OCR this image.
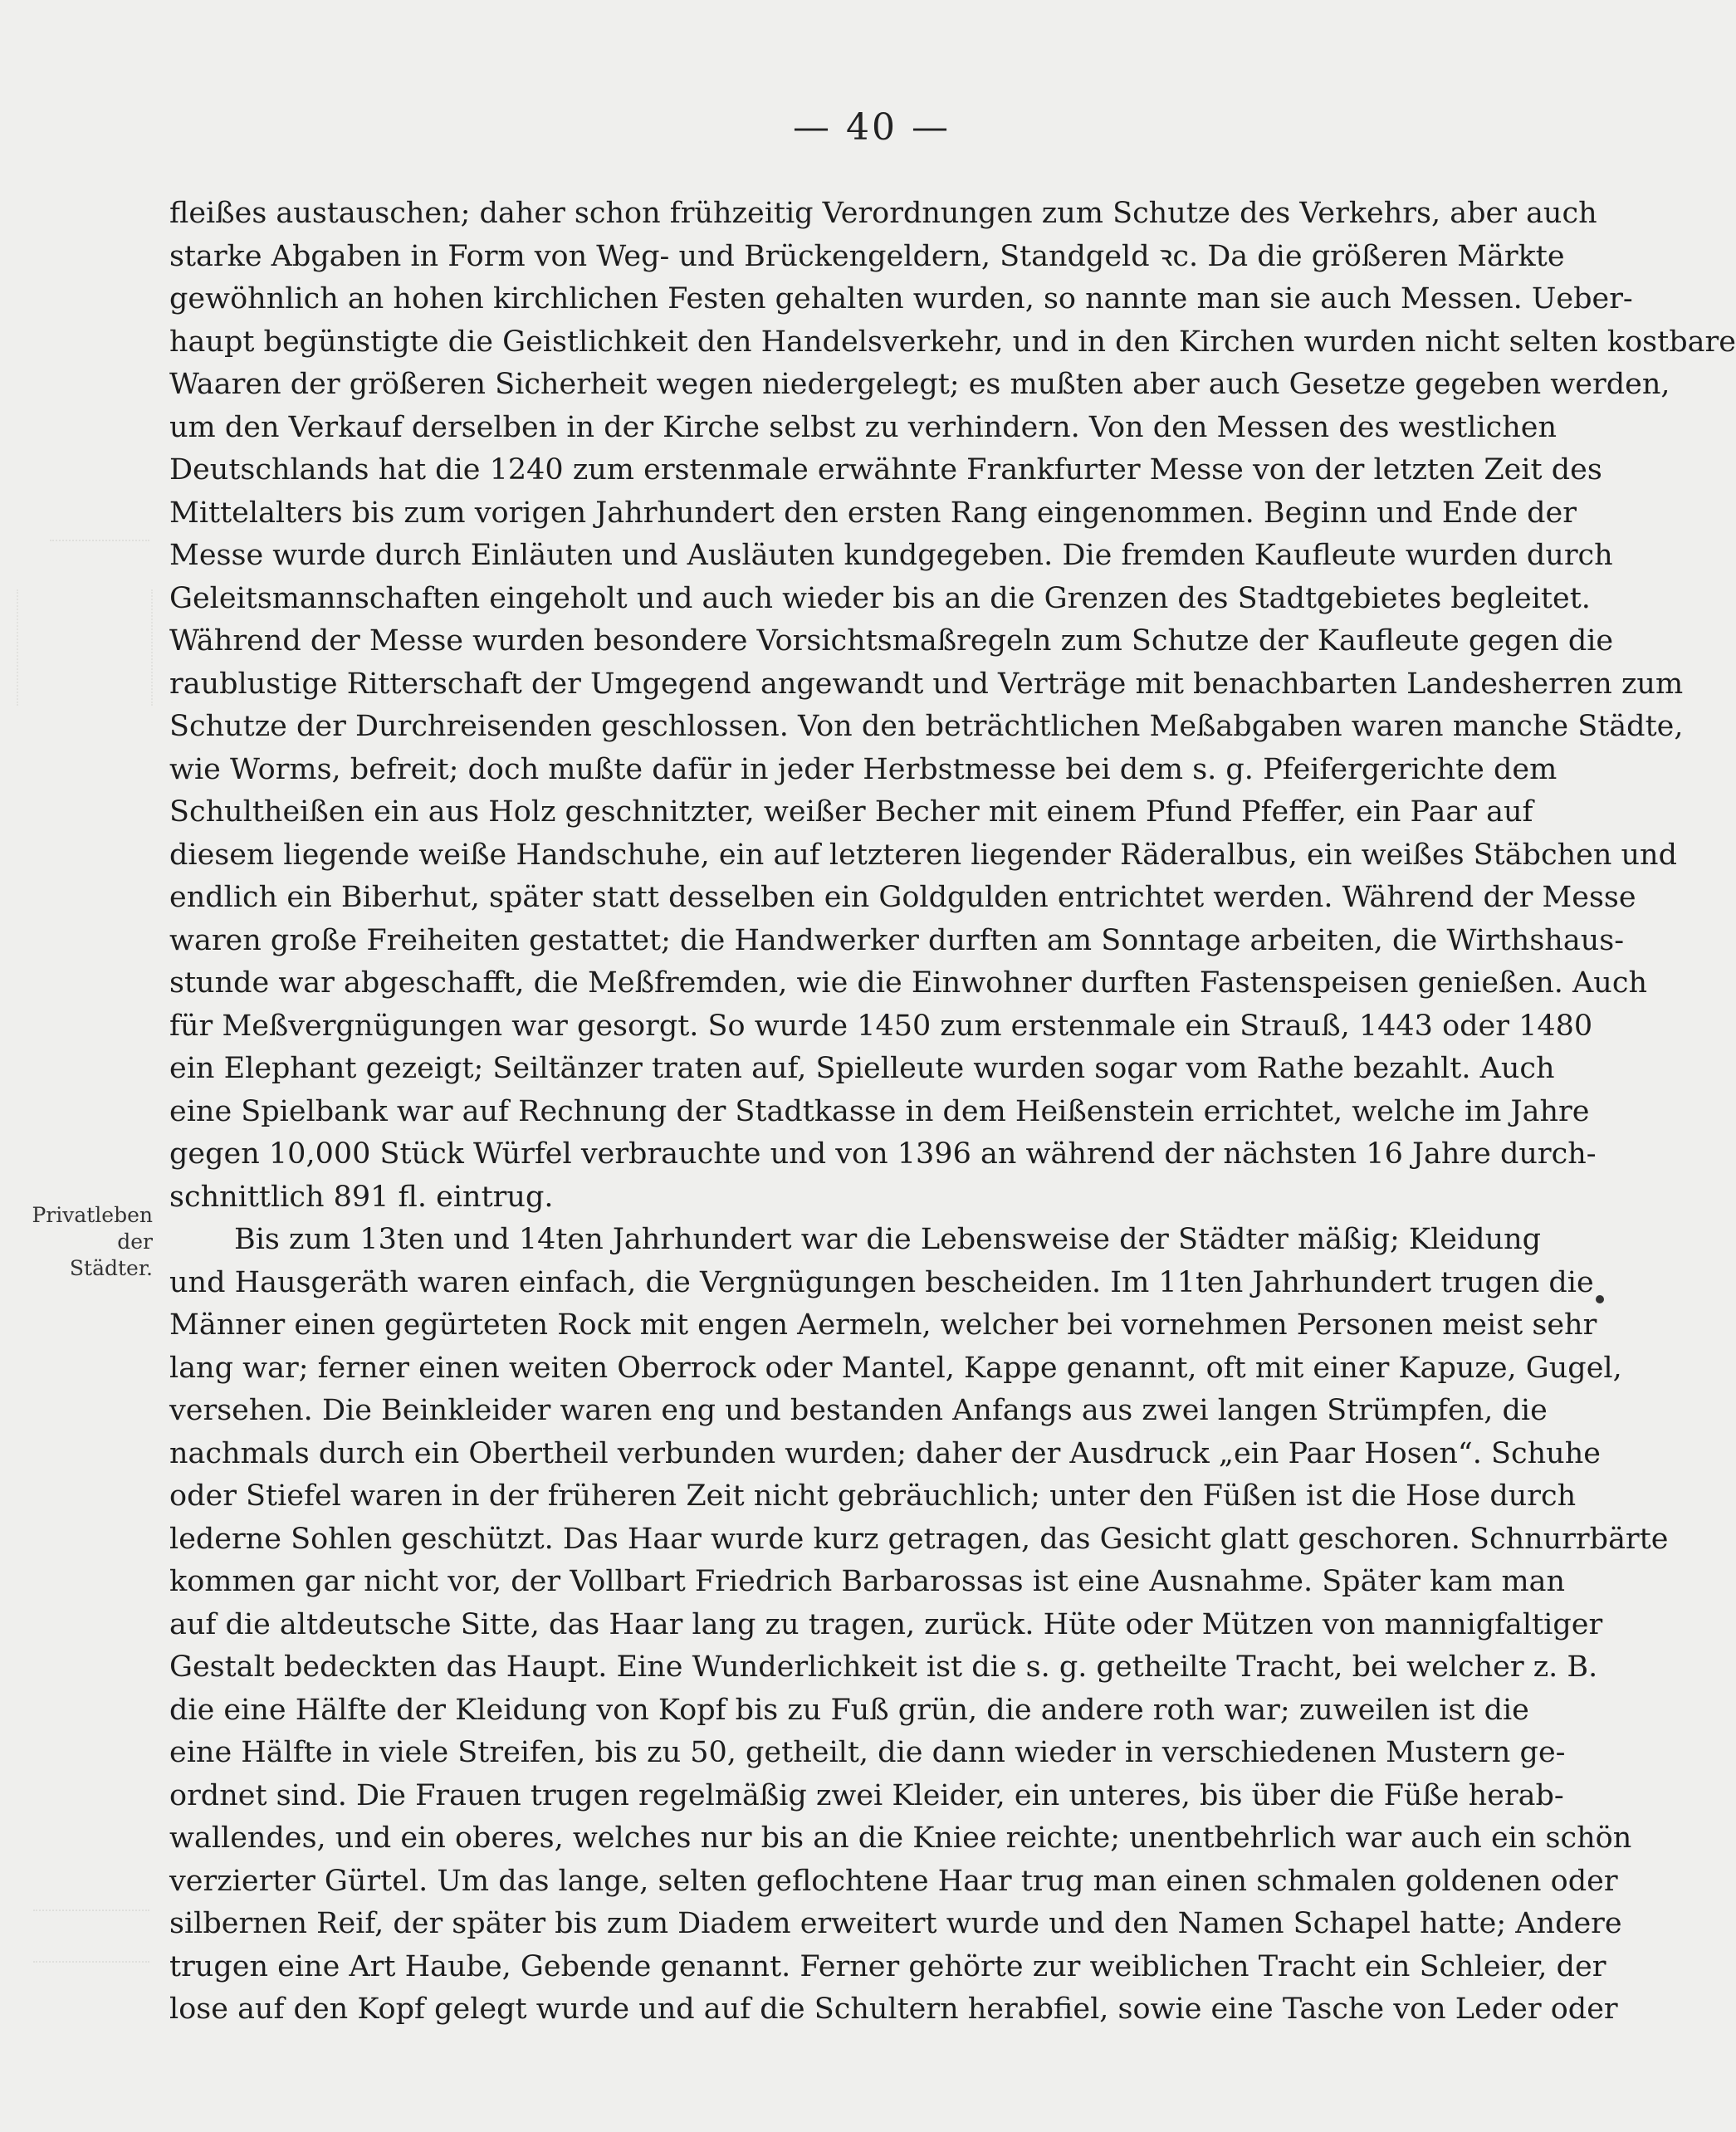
— 40 —
Privatleben
der Städter.
fleißes austauschen; daher schon frühzeitig Verordnungen zum Schutze des Verkehrs, aber auch
starke Abgaben in Form von Weg- und Brückengeldern, Standgeld ꝛc. Da die größeren Märkte
gewöhnlich an hohen kirchlichen Festen gehalten wurden, so nannte man sie auch Messen. Ueber-
haupt begünstigte die Geistlichkeit den Handelsverkehr, und in den Kirchen wurden nicht selten kostbare
Waaren der größeren Sicherheit wegen niedergelegt; es mußten aber auch Gesetze gegeben werden,
um den Verkauf derselben in der Kirche selbst zu verhindern. Von den Messen des westlichen
Deutschlands hat die 1240 zum erstenmale erwähnte Frankfurter Messe von der letzten Zeit des
Mittelalters bis zum vorigen Jahrhundert den ersten Rang eingenommen. Beginn und Ende der
Messe wurde durch Einläuten und Ausläuten kundgegeben. Die fremden Kaufleute wurden durch
Geleitsmannschaften eingeholt und auch wieder bis an die Grenzen des Stadtgebietes begleitet.
Während der Messe wurden besondere Vorsichtsmaßregeln zum Schutze der Kaufleute gegen die
raublustige Ritterschaft der Umgegend angewandt und Verträge mit benachbarten Landesherren zum
Schutze der Durchreisenden geschlossen. Von den beträchtlichen Meßabgaben waren manche Städte,
wie Worms, befreit; doch mußte dafür in jeder Herbstmesse bei dem s. g. Pfeifergerichte dem
Schultheißen ein aus Holz geschnitzter, weißer Becher mit einem Pfund Pfeffer, ein Paar auf
diesem liegende weiße Handschuhe, ein auf letzteren liegender Räderalbus, ein weißes Stäbchen und
endlich ein Biberhut, später statt desselben ein Goldgulden entrichtet werden. Während der Messe
waren große Freiheiten gestattet; die Handwerker durften am Sonntage arbeiten, die Wirthshaus-
stunde war abgeschafft, die Meßfremden, wie die Einwohner durften Fastenspeisen genießen. Auch
für Meßvergnügungen war gesorgt. So wurde 1450 zum erstenmale ein Strauß, 1443 oder 1480
ein Elephant gezeigt; Seiltänzer traten auf, Spielleute wurden sogar vom Rathe bezahlt. Auch
eine Spielbank war auf Rechnung der Stadtkasse in dem Heißenstein errichtet, welche im Jahre
gegen 10,000 Stück Würfel verbrauchte und von 1396 an während der nächsten 16 Jahre durch-
schnittlich 891 fl. eintrug.
Bis zum 13ten und 14ten Jahrhundert war die Lebensweise der Städter mäßig; Kleidung
und Hausgeräth waren einfach, die Vergnügungen bescheiden. Im 11ten Jahrhundert trugen die
Männer einen gegürteten Rock mit engen Aermeln, welcher bei vornehmen Personen meist sehr
lang war; ferner einen weiten Oberrock oder Mantel, Kappe genannt, oft mit einer Kapuze, Gugel,
versehen. Die Beinkleider waren eng und bestanden Anfangs aus zwei langen Strümpfen, die
nachmals durch ein Obertheil verbunden wurden; daher der Ausdruck „ein Paar Hosen“. Schuhe
oder Stiefel waren in der früheren Zeit nicht gebräuchlich; unter den Füßen ist die Hose durch
lederne Sohlen geschützt. Das Haar wurde kurz getragen, das Gesicht glatt geschoren. Schnurrbärte
kommen gar nicht vor, der Vollbart Friedrich Barbarossas ist eine Ausnahme. Später kam man
auf die altdeutsche Sitte, das Haar lang zu tragen, zurück. Hüte oder Mützen von mannigfaltiger
Gestalt bedeckten das Haupt. Eine Wunderlichkeit ist die s. g. getheilte Tracht, bei welcher z. B.
die eine Hälfte der Kleidung von Kopf bis zu Fuß grün, die andere roth war; zuweilen ist die
eine Hälfte in viele Streifen, bis zu 50, getheilt, die dann wieder in verschiedenen Mustern ge-
ordnet sind. Die Frauen trugen regelmäßig zwei Kleider, ein unteres, bis über die Füße herab-
wallendes, und ein oberes, welches nur bis an die Kniee reichte; unentbehrlich war auch ein schön
verzierter Gürtel. Um das lange, selten geflochtene Haar trug man einen schmalen goldenen oder
silbernen Reif, der später bis zum Diadem erweitert wurde und den Namen Schapel hatte; Andere
trugen eine Art Haube, Gebende genannt. Ferner gehörte zur weiblichen Tracht ein Schleier, der
lose auf den Kopf gelegt wurde und auf die Schultern herabfiel, sowie eine Tasche von Leder oder
